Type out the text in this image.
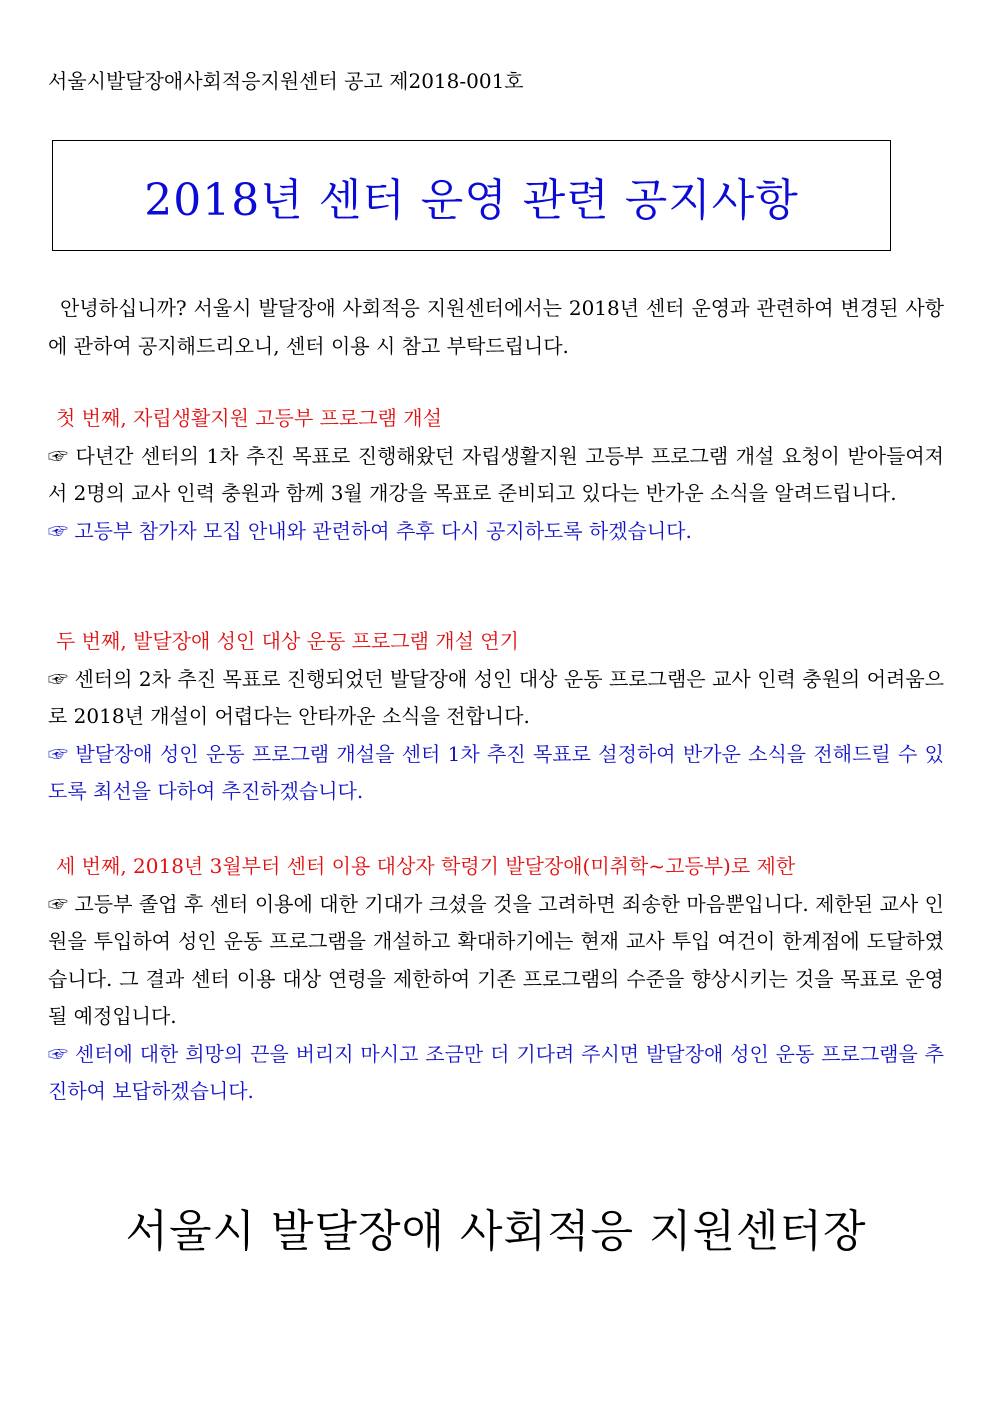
서울시발달장애사회적응지원센터 공고 제2018-001호
2018년 센터 운영 관련 공지사항

안녕하십니까? 서울시 발달장애 사회적응 지원센터에서는 2018년 센터 운영과 관련하여 변경된 사항에 관하여 공지해드리오니, 센터 이용 시 참고 부탁드립니다.

첫 번째, 자립생활지원 고등부 프로그램 개설

☞ 다년간 센터의 1차 추진 목표로 진행해왔던 자립생활지원 고등부 프로그램 개설 요청이 받아들여져서 2명의 교사 인력 충원과 함께 3월 개강을 목표로 준비되고 있다는 반가운 소식을 알려드립니다.

☞ 고등부 참가자 모집 안내와 관련하여 추후 다시 공지하도록 하겠습니다.

두 번째, 발달장애 성인 대상 운동 프로그램 개설 연기

☞ 센터의 2차 추진 목표로 진행되었던 발달장애 성인 대상 운동 프로그램은 교사 인력 충원의 어려움으로 2018년 개설이 어렵다는 안타까운 소식을 전합니다.

☞ 발달장애 성인 운동 프로그램 개설을 센터 1차 추진 목표로 설정하여 반가운 소식을 전해드릴 수 있도록 최선을 다하여 추진하겠습니다.

세 번째, 2018년 3월부터 센터 이용 대상자 학령기 발달장애(미취학~고등부)로 제한

☞ 고등부 졸업 후 센터 이용에 대한 기대가 크셨을 것을 고려하면 죄송한 마음뿐입니다. 제한된 교사 인원을 투입하여 성인 운동 프로그램을 개설하고 확대하기에는 현재 교사 투입 여건이 한계점에 도달하였습니다. 그 결과 센터 이용 대상 연령을 제한하여 기존 프로그램의 수준을 향상시키는 것을 목표로 운영될 예정입니다.

☞ 센터에 대한 희망의 끈을 버리지 마시고 조금만 더 기다려 주시면 발달장애 성인 운동 프로그램을 추진하여 보답하겠습니다.

서울시 발달장애 사회적응 지원센터장
